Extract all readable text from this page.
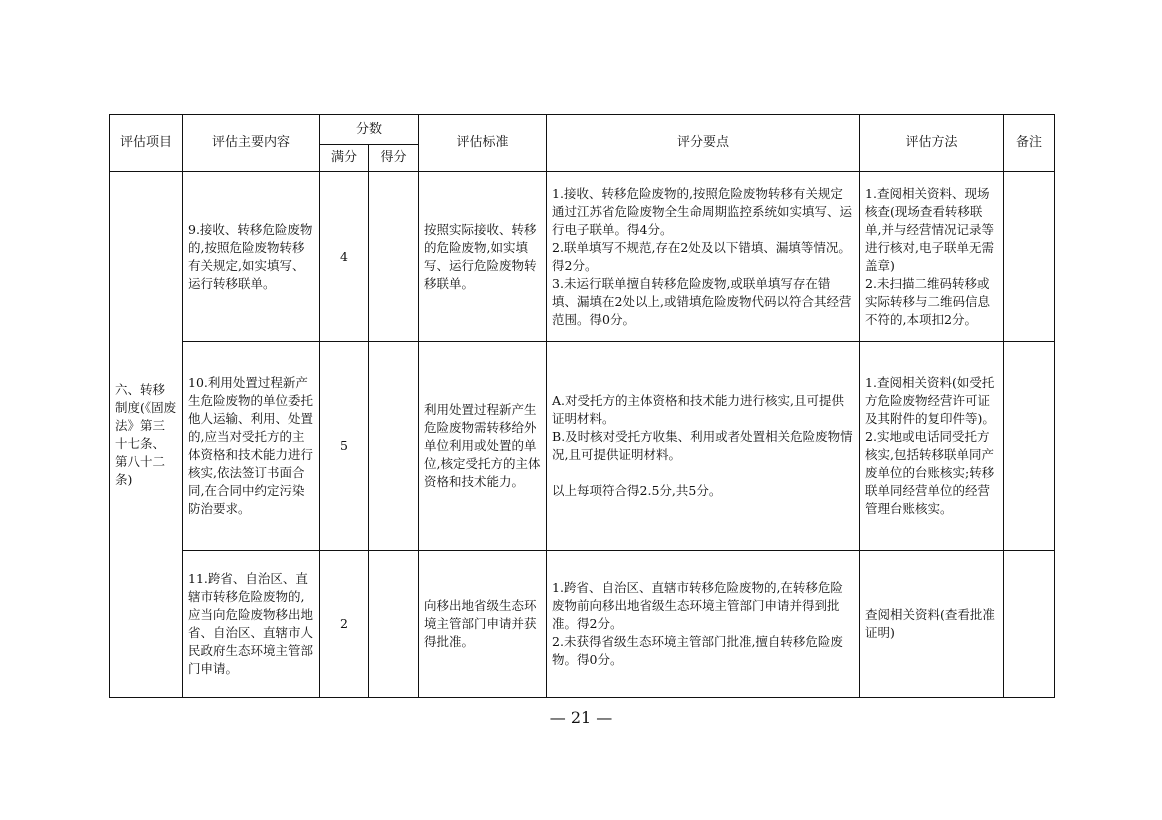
评估项目	评估主要内容	分数		评估标准	评分要点	评估方法	备注
		满分	得分				
六、转移制度(《固废法》第三十七条、第八十二条)	9.接收、转移危险废物的,按照危险废物转移有关规定,如实填写、运行转移联单。	4		按照实际接收、转移的危险废物,如实填写、运行危险废物转移联单。	1.接收、转移危险废物的,按照危险废物转移有关规定通过江苏省危险废物全生命周期监控系统如实填写、运行电子联单。得4分。
2.联单填写不规范,存在2处及以下错填、漏填等情况。得2分。
3.未运行联单擅自转移危险废物,或联单填写存在错填、漏填在2处以上,或错填危险废物代码以符合其经营范围。得0分。	1.查阅相关资料、现场核查(现场查看转移联单,并与经营情况记录等进行核对,电子联单无需盖章)
2.未扫描二维码转移或实际转移与二维码信息不符的,本项扣2分。	
	10.利用处置过程新产生危险废物的单位委托他人运输、利用、处置的,应当对受托方的主体资格和技术能力进行核实,依法签订书面合同,在合同中约定污染防治要求。	5		利用处置过程新产生危险废物需转移给外单位利用或处置的单位,核定受托方的主体资格和技术能力。	A.对受托方的主体资格和技术能力进行核实,且可提供证明材料。
B.及时核对受托方收集、利用或者处置相关危险废物情况,且可提供证明材料。

以上每项符合得2.5分,共5分。	1.查阅相关资料(如受托方危险废物经营许可证及其附件的复印件等)。
2.实地或电话同受托方核实,包括转移联单同产废单位的台账核实;转移联单同经营单位的经营管理台账核实。	
	11.跨省、自治区、直辖市转移危险废物的,应当向危险废物移出地省、自治区、直辖市人民政府生态环境主管部门申请。	2		向移出地省级生态环境主管部门申请并获得批准。	1.跨省、自治区、直辖市转移危险废物的,在转移危险废物前向移出地省级生态环境主管部门申请并得到批准。得2分。
2.未获得省级生态环境主管部门批准,擅自转移危险废物。得0分。	查阅相关资料(查看批准证明)	
— 21 —
